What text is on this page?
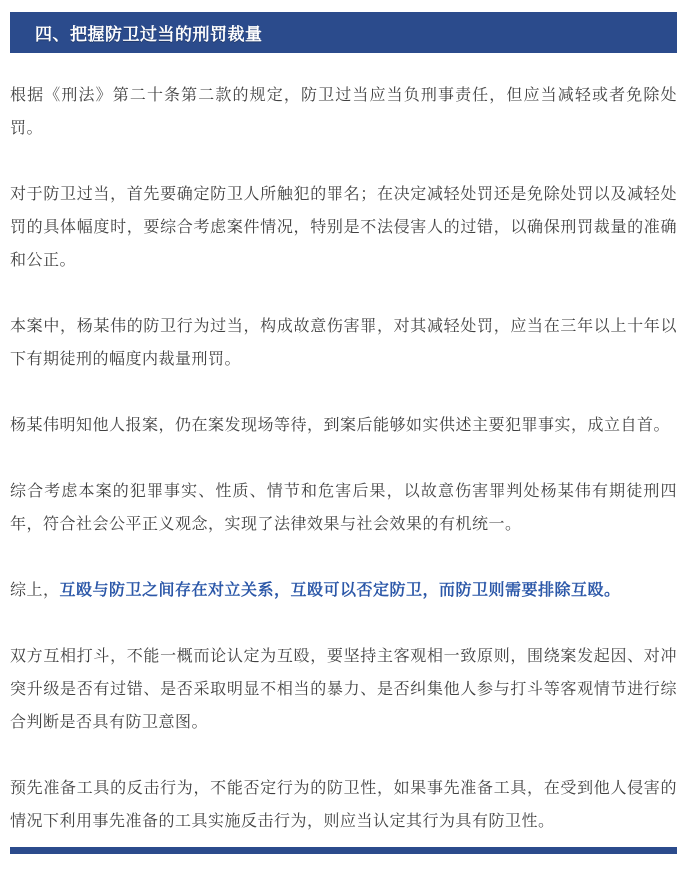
四、把握防卫过当的刑罚裁量

根据《刑法》第二十条第二款的规定，防卫过当应当负刑事责任，但应当减轻或者免除处罚。

对于防卫过当，首先要确定防卫人所触犯的罪名；在决定减轻处罚还是免除处罚以及减轻处罚的具体幅度时，要综合考虑案件情况，特别是不法侵害人的过错，以确保刑罚裁量的准确和公正。

本案中，杨某伟的防卫行为过当，构成故意伤害罪，对其减轻处罚，应当在三年以上十年以下有期徒刑的幅度内裁量刑罚。

杨某伟明知他人报案，仍在案发现场等待，到案后能够如实供述主要犯罪事实，成立自首。

综合考虑本案的犯罪事实、性质、情节和危害后果，以故意伤害罪判处杨某伟有期徒刑四年，符合社会公平正义观念，实现了法律效果与社会效果的有机统一。

综上，互殴与防卫之间存在对立关系，互殴可以否定防卫，而防卫则需要排除互殴。

双方互相打斗，不能一概而论认定为互殴，要坚持主客观相一致原则，围绕案发起因、对冲突升级是否有过错、是否采取明显不相当的暴力、是否纠集他人参与打斗等客观情节进行综合判断是否具有防卫意图。

预先准备工具的反击行为，不能否定行为的防卫性，如果事先准备工具，在受到他人侵害的情况下利用事先准备的工具实施反击行为，则应当认定其行为具有防卫性。
